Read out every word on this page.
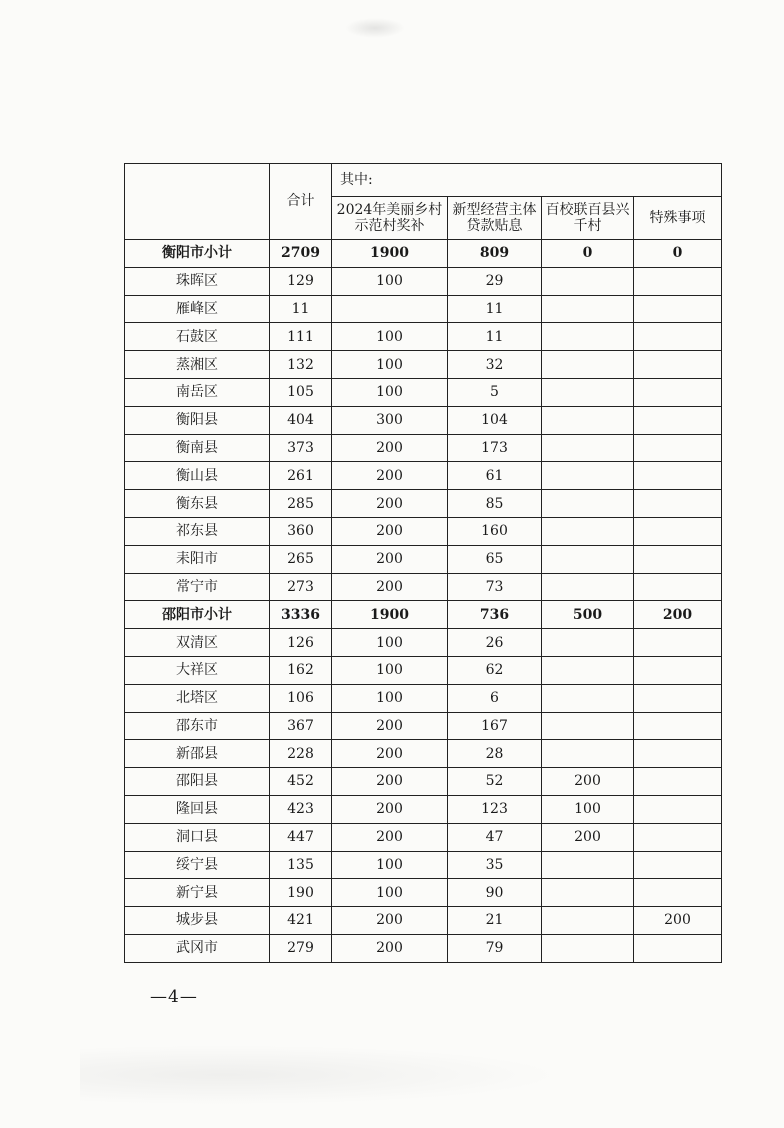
	合计	其中:			
		2024年美丽乡村示范村奖补	新型经营主体贷款贴息	百校联百县兴千村	特殊事项
衡阳市小计	2709	1900	809	0	0
珠晖区	129	100	29		
雁峰区	11		11		
石鼓区	111	100	11		
蒸湘区	132	100	32		
南岳区	105	100	5		
衡阳县	404	300	104		
衡南县	373	200	173		
衡山县	261	200	61		
衡东县	285	200	85		
祁东县	360	200	160		
耒阳市	265	200	65		
常宁市	273	200	73		
邵阳市小计	3336	1900	736	500	200
双清区	126	100	26		
大祥区	162	100	62		
北塔区	106	100	6		
邵东市	367	200	167		
新邵县	228	200	28		
邵阳县	452	200	52	200	
隆回县	423	200	123	100	
洞口县	447	200	47	200	
绥宁县	135	100	35		
新宁县	190	100	90		
城步县	421	200	21		200
武冈市	279	200	79		
—4—
